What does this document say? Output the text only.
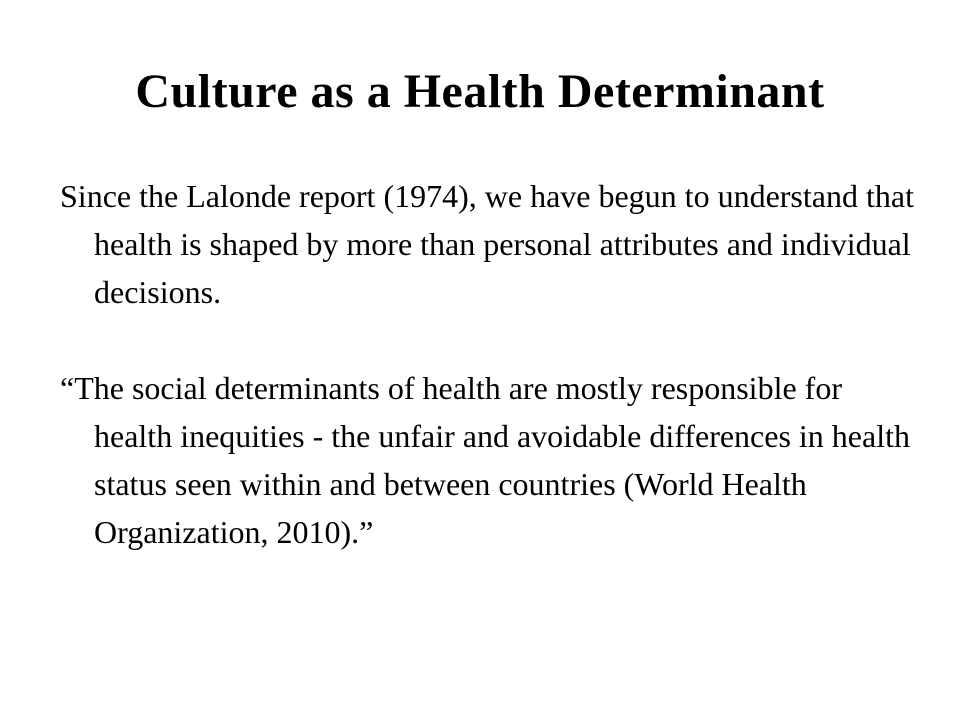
Culture as a Health Determinant

Since the Lalonde report (1974), we have begun to understand that health is shaped by more than personal attributes and individual decisions.

“The social determinants of health are mostly responsible for health inequities - the unfair and avoidable differences in health status seen within and between countries (World Health Organization, 2010).”
